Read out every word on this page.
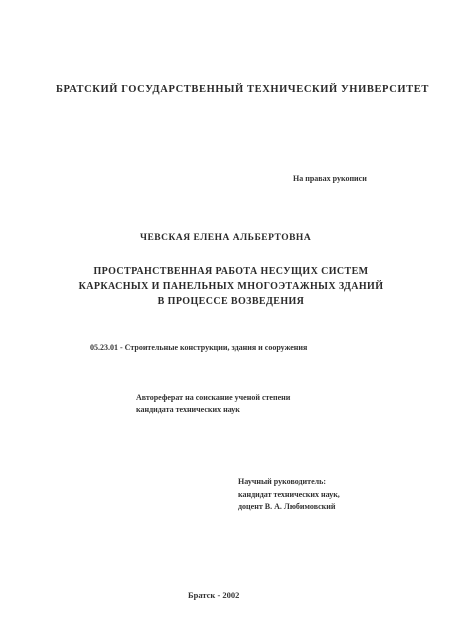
БРАТСКИЙ ГОСУДАРСТВЕННЫЙ ТЕХНИЧЕСКИЙ УНИВЕРСИТЕТ
На правах рукописи
ЧЕВСКАЯ ЕЛЕНА АЛЬБЕРТОВНА
ПРОСТРАНСТВЕННАЯ РАБОТА НЕСУЩИХ СИСТЕМ
КАРКАСНЫХ И ПАНЕЛЬНЫХ МНОГОЭТАЖНЫХ ЗДАНИЙ
В ПРОЦЕССЕ ВОЗВЕДЕНИЯ
05.23.01 - Строительные конструкции, здания и сооружения
Автореферат на соискание ученой степени
кандидата технических наук
Научный руководитель:
кандидат технических наук,
доцент В. А. Любимовский
Братск - 2002
